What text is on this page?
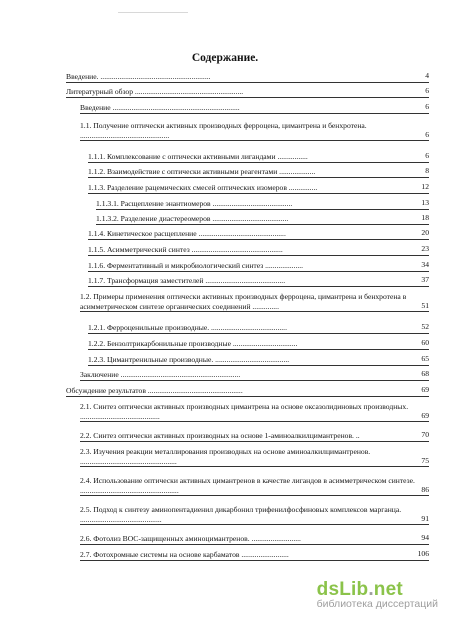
Содержание.
Введение. ..........................................................	4
Литературный обзор .........................................................	6
Введение ...................................................................	6
1.1. Получение оптически активных производных ферроцена, цимантрена и бенхротена. ...............................................	6
1.1.1. Комплексование с оптически активными лигандами ................	6
1.1.2. Взаимодействие с оптически активными реагентами ...................	8
1.1.3. Разделение рацемических смесей оптических изомеров ...............	12
1.1.3.1. Расщепление энантиомеров ..........................................	13
1.1.3.2. Разделение диастереомеров ........................................	18
1.1.4. Кинетическое расщепление ..............................................	20
1.1.5. Асимметрический синтез ................................................	23
1.1.6. Ферментативный и микробиологический синтез ....................	34
1.1.7. Трансформация заместителей ..........................................	37
1.2. Примеры применения оптически активных производных ферроцена, цимантрена и бенхротена в асимметрическом синтезе органических соединений ..............	51
1.2.1. Ферроценильные производные. ........................................	52
1.2.2. Бензолтрикарбонильные производные ..................................	60
1.2.3. Цимантренильные производные. .......................................	65
Заключение ...............................................................	68
Обсуждение результатов ..................................................	69
2.1. Синтез оптически активных производных цимантрена на основе оксазолидиновых производных. ..........................................	69
2.2. Синтез оптически активных производных на основе 1-аминоалкилцимантренов. ..	70
2.3. Изучения реакции металлирования производных на основе аминоалкилцимантренов. ...................................................	75
2.4. Использование оптически активных цимантренов в качестве лигандов в асимметрическом синтезе. ....................................................	86
2.5. Подход к синтезу аминопентадиенил дикарбонил трифенилфосфиновых комплексов марганца. ...........................................	91
2.6. Фотолиз ВОС-защищенных аминоцимантренов. ..........................	94
2.7. Фотохромные системы на основе карбаматов .........................	106
dsLib.net
библиотека диссертаций
